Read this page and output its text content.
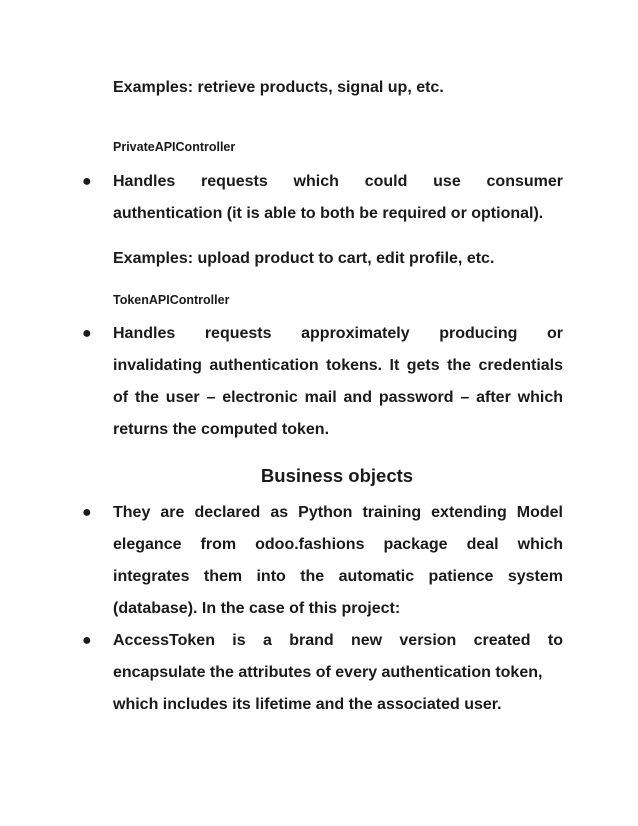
Examples: retrieve products, signal up, etc.
PrivateAPIController
● Handles requests which could use consumer
authentication (it is able to both be required or optional).
Examples: upload product to cart, edit profile, etc.
TokenAPIController
● Handles requests approximately producing or
invalidating authentication tokens. It gets the credentials
of the user – electronic mail and password – after which
returns the computed token.
Business objects
● They are declared as Python training extending Model
elegance from odoo.fashions package deal which
integrates them into the automatic patience system
(database). In the case of this project:
● AccessToken is a brand new version created to
encapsulate the attributes of every authentication token,
which includes its lifetime and the associated user.
